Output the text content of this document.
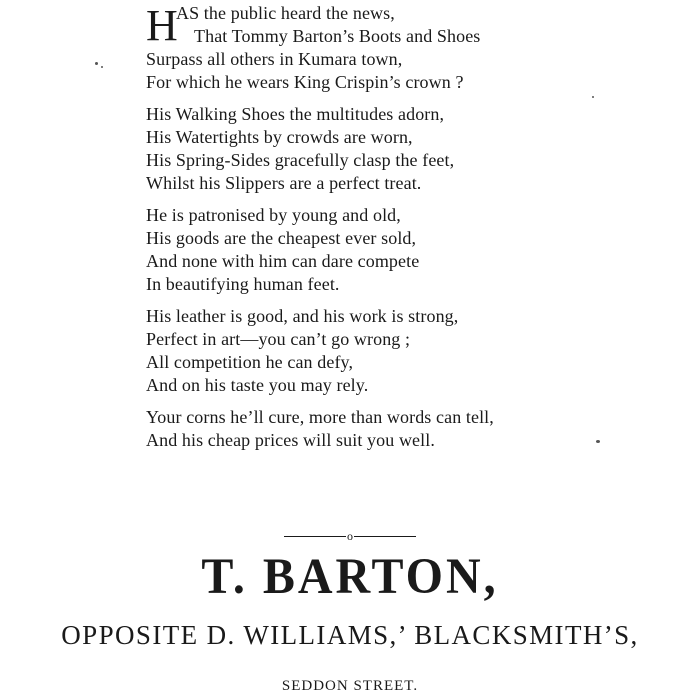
H
AS the public heard the news,
That Tommy Barton’s Boots and Shoes
Surpass all others in Kumara town,
For which he wears King Crispin’s crown ?
His Walking Shoes the multitudes adorn,
His Watertights by crowds are worn,
His Spring-Sides gracefully clasp the feet,
Whilst his Slippers are a perfect treat.
He is patronised by young and old,
His goods are the cheapest ever sold,
And none with him can dare compete
In beautifying human feet.
His leather is good, and his work is strong,
Perfect in art—you can’t go wrong ;
All competition he can defy,
And on his taste you may rely.
Your corns he’ll cure, more than words can tell,
And his cheap prices will suit you well.
o
T. BARTON,
OPPOSITE D. WILLIAMS,’ BLACKSMITH’S,
SEDDON STREET.
